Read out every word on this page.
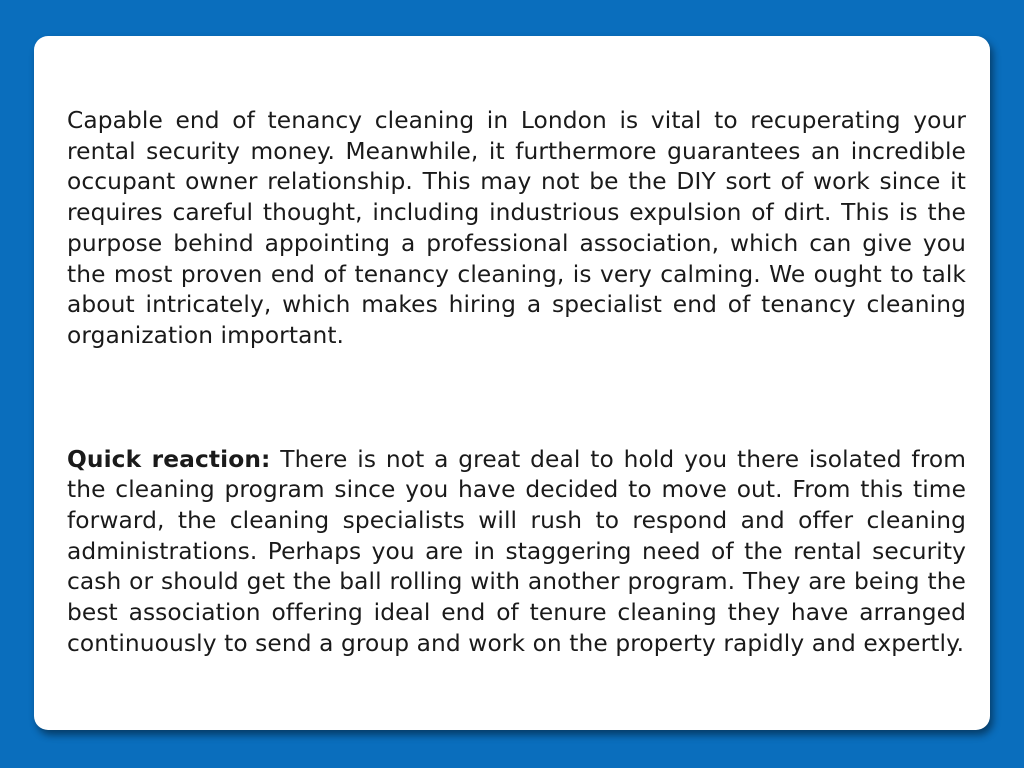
Capable end of tenancy cleaning in London is vital to recuperating your rental security money. Meanwhile, it furthermore guarantees an incredible occupant owner relationship. This may not be the DIY sort of work since it requires careful thought, including industrious expulsion of dirt. This is the purpose behind appointing a professional association, which can give you the most proven end of tenancy cleaning, is very calming. We ought to talk about intricately, which makes hiring a specialist end of tenancy cleaning organization important.

Quick reaction: There is not a great deal to hold you there isolated from the cleaning program since you have decided to move out. From this time forward, the cleaning specialists will rush to respond and offer cleaning administrations. Perhaps you are in staggering need of the rental security cash or should get the ball rolling with another program. They are being the best association offering ideal end of tenure cleaning they have arranged continuously to send a group and work on the property rapidly and expertly.
